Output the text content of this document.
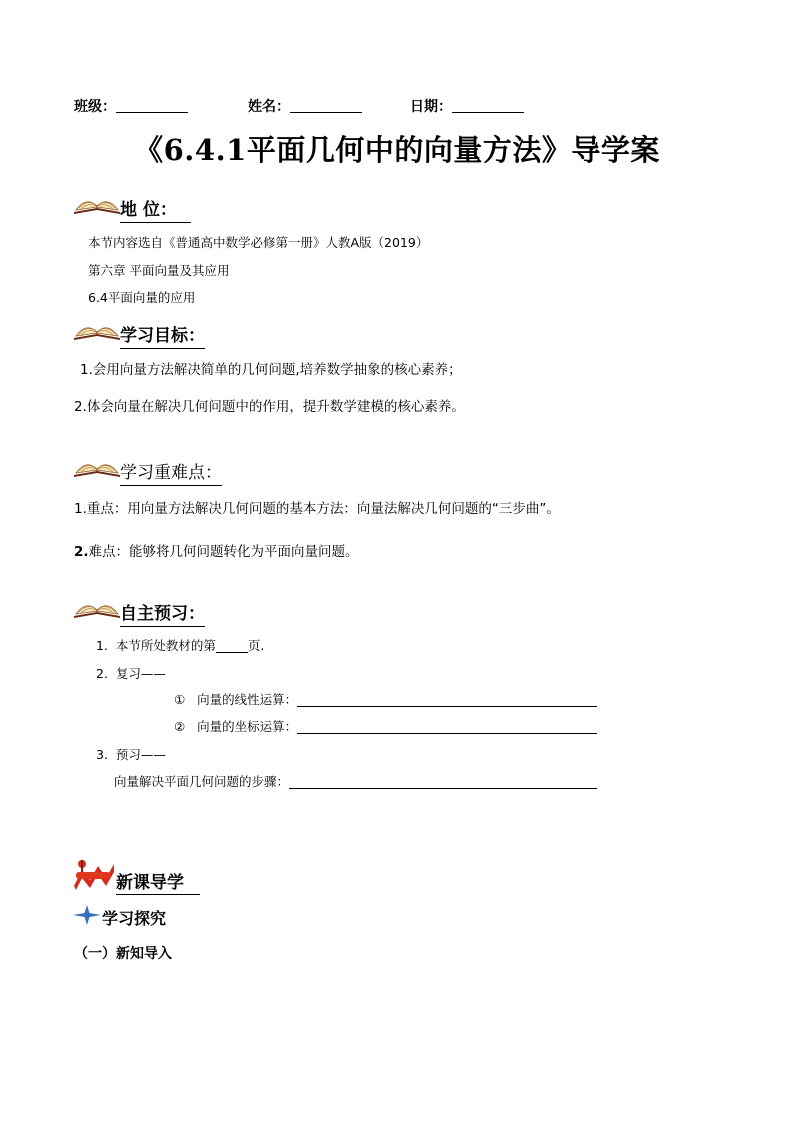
班级：	姓名：	日期：
《6.4.1平面几何中的向量方法》导学案
地 位：
本节内容选自《普通高中数学必修第一册》人教A版（2019）
第六章 平面向量及其应用
6.4平面向量的应用
学习目标：
1.会用向量方法解决简单的几何问题,培养数学抽象的核心素养；
2.体会向量在解决几何问题中的作用，提升数学建模的核心素养。
学习重难点：
1.重点：用向量方法解决几何问题的基本方法：向量法解决几何问题的“三步曲”。
2.难点：能够将几何问题转化为平面向量问题。
自主预习：
1. 本节所处教材的第	页.
2. 复习——
① 向量的线性运算：
② 向量的坐标运算：
3. 预习——
向量解决平面几何问题的步骤：
新课导学
学习探究
（一）新知导入
